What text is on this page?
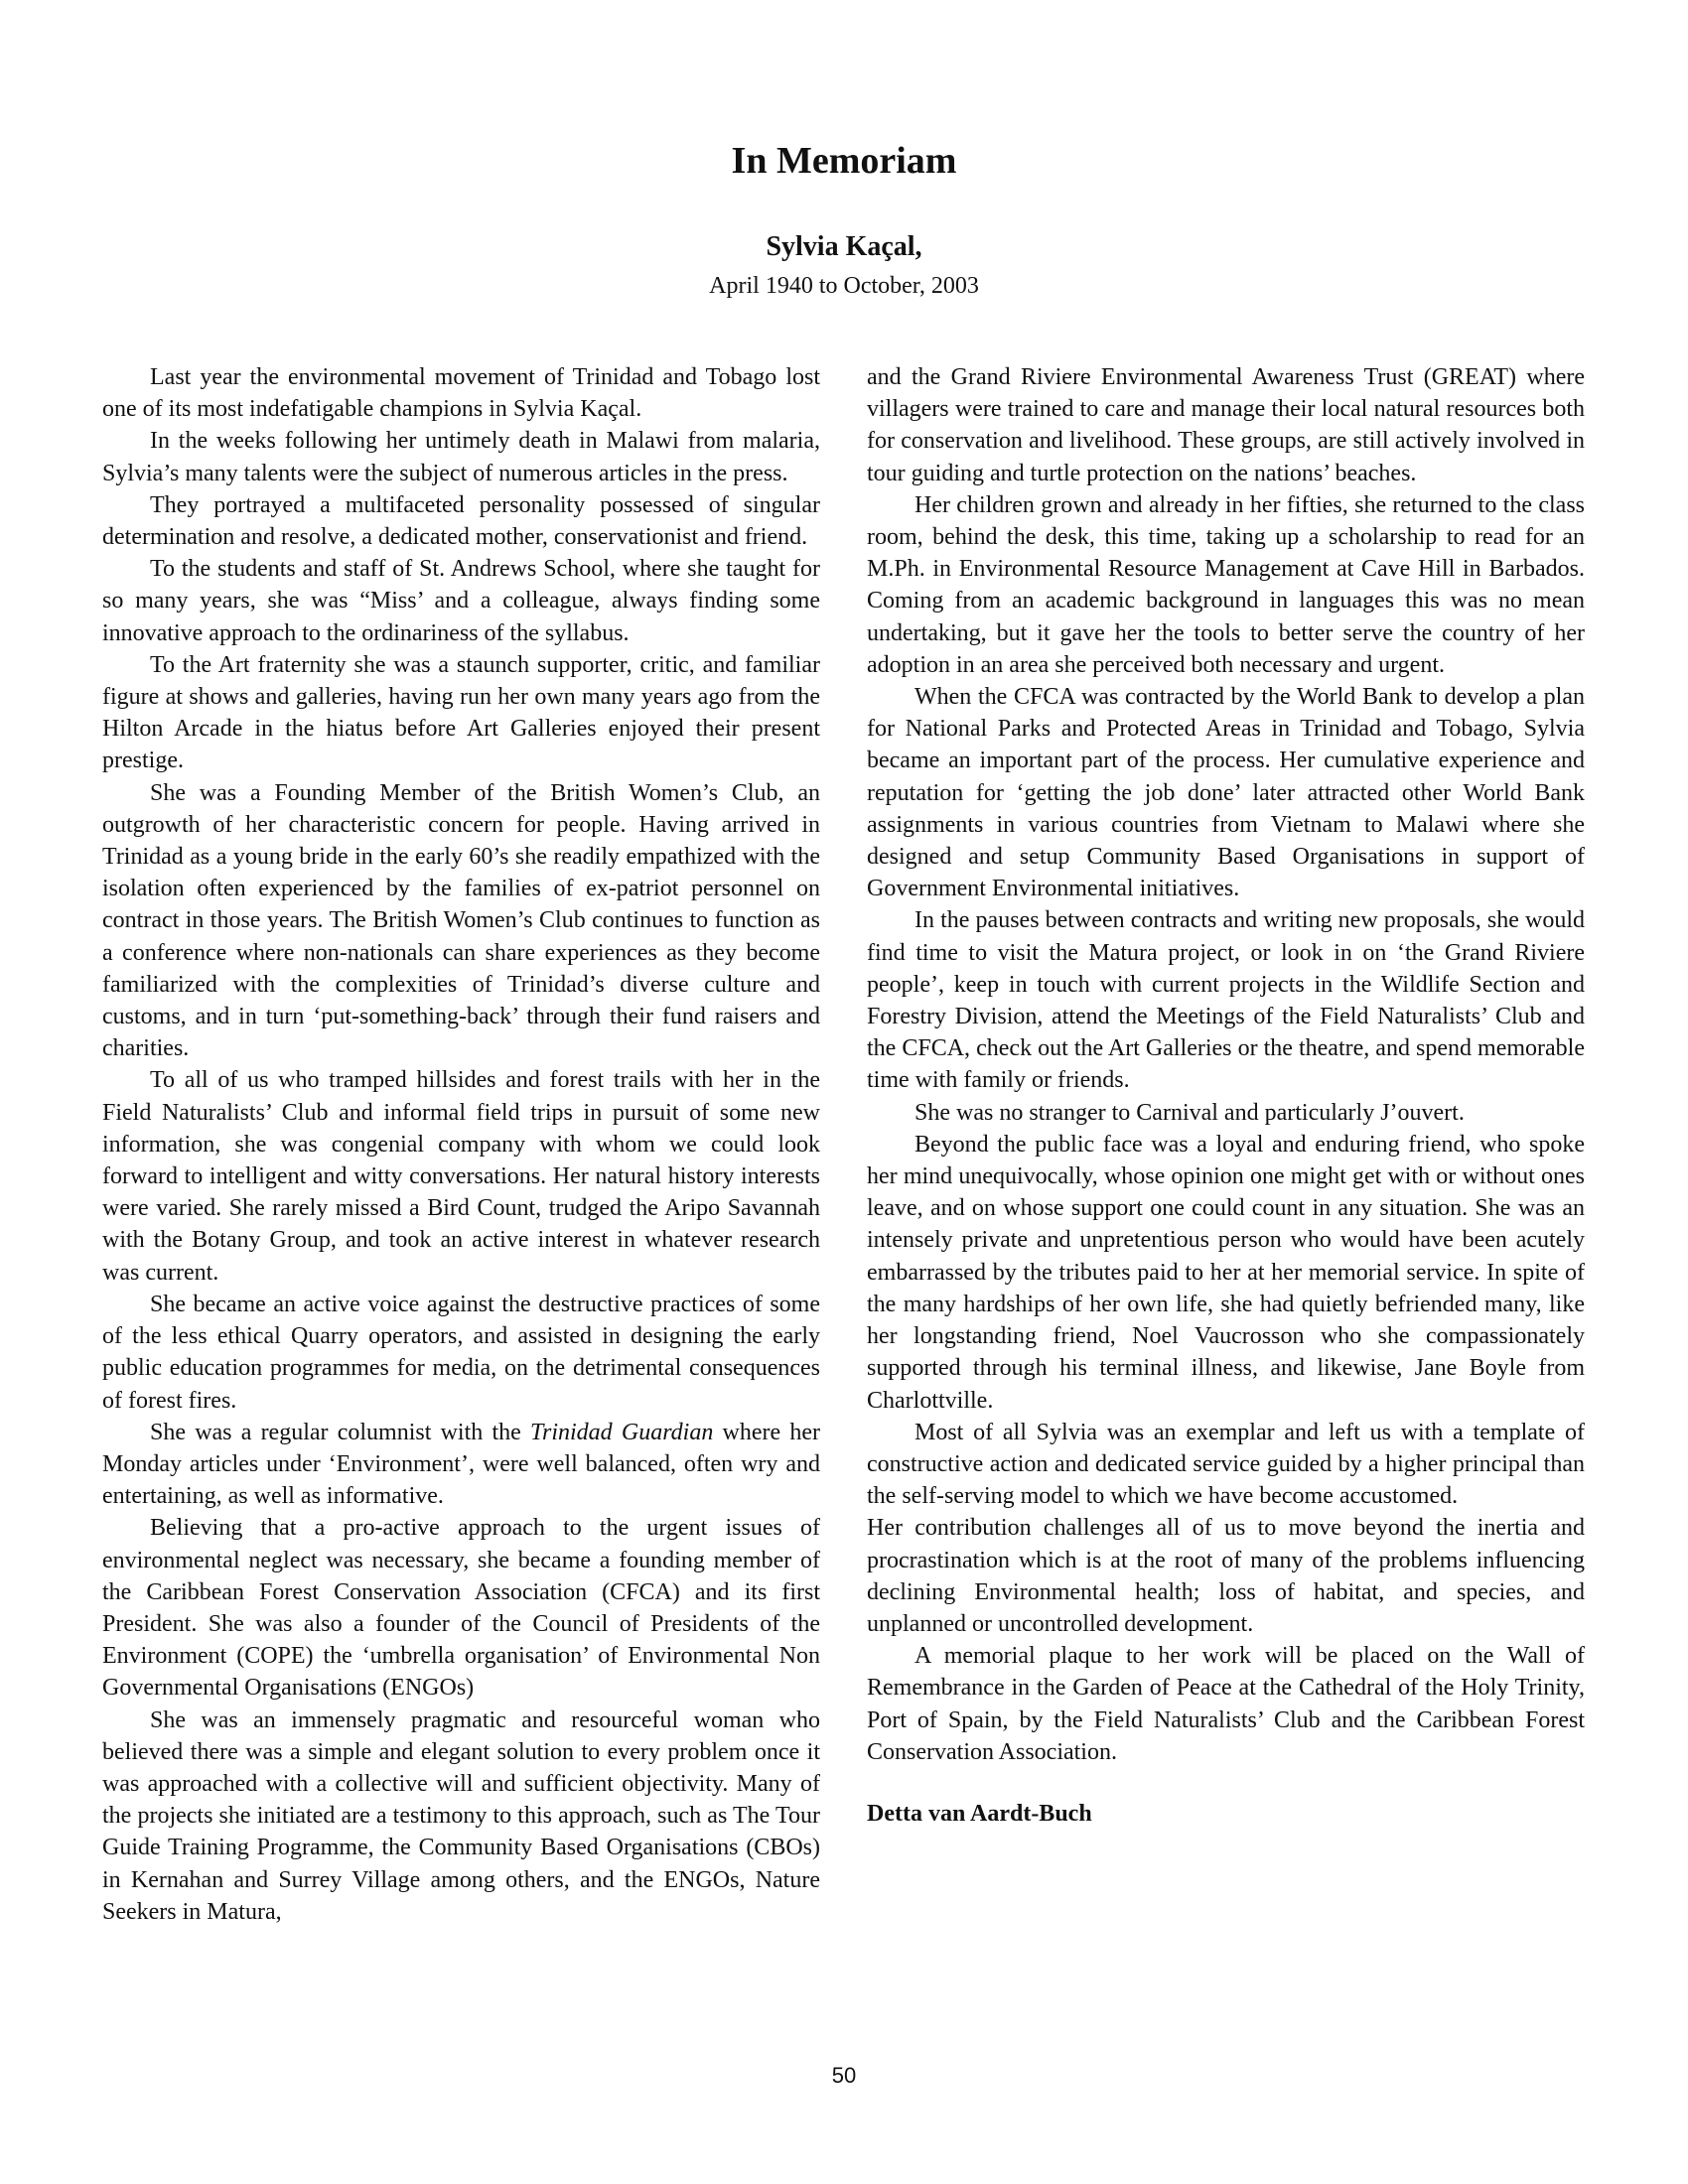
In Memoriam
Sylvia Kaçal,
April 1940 to October, 2003

Last year the environmental movement of Trinidad and Tobago lost one of its most indefatigable champions in Sylvia Kaçal.

In the weeks following her untimely death in Malawi from malaria, Sylvia’s many talents were the subject of numerous articles in the press.

They portrayed a multifaceted personality possessed of singular determination and resolve, a dedicated mother, conservationist and friend.

To the students and staff of St. Andrews School, where she taught for so many years, she was “Miss’ and a colleague, always finding some innovative approach to the ordinariness of the syllabus.

To the Art fraternity she was a staunch supporter, critic, and familiar figure at shows and galleries, having run her own many years ago from the Hilton Arcade in the hiatus before Art Galleries enjoyed their present prestige.

She was a Founding Member of the British Women’s Club, an outgrowth of her characteristic concern for people. Having arrived in Trinidad as a young bride in the early 60’s she readily empathized with the isolation often experienced by the families of ex-patriot personnel on contract in those years. The British Women’s Club continues to function as a conference where non-nationals can share experiences as they become familiarized with the complexities of Trinidad’s diverse culture and customs, and in turn ‘put-something-back’ through their fund raisers and charities.

To all of us who tramped hillsides and forest trails with her in the Field Naturalists’ Club and informal field trips in pursuit of some new information, she was congenial company with whom we could look forward to intelligent and witty conversations. Her natural history interests were varied. She rarely missed a Bird Count, trudged the Aripo Savannah with the Botany Group, and took an active interest in whatever research was current.

She became an active voice against the destructive practices of some of the less ethical Quarry operators, and assisted in designing the early public education programmes for media, on the detrimental consequences of forest fires.

She was a regular columnist with the Trinidad Guardian where her Monday articles under ‘Environment’, were well balanced, often wry and entertaining, as well as informative.

Believing that a pro-active approach to the urgent issues of environmental neglect was necessary, she became a founding member of the Caribbean Forest Conservation Association (CFCA) and its first President. She was also a founder of the Council of Presidents of the Environment (COPE) the ‘umbrella organisation’ of Environmental Non Governmental Organisations (ENGOs)

She was an immensely pragmatic and resourceful woman who believed there was a simple and elegant solution to every problem once it was approached with a collective will and sufficient objectivity. Many of the projects she initiated are a testimony to this approach, such as The Tour Guide Training Programme, the Community Based Organisations (CBOs) in Kernahan and Surrey Village among others, and the ENGOs, Nature Seekers in Matura,

and the Grand Riviere Environmental Awareness Trust (GREAT) where villagers were trained to care and manage their local natural resources both for conservation and livelihood. These groups, are still actively involved in tour guiding and turtle protection on the nations’ beaches.

Her children grown and already in her fifties, she returned to the class room, behind the desk, this time, taking up a scholarship to read for an M.Ph. in Environmental Resource Management at Cave Hill in Barbados. Coming from an academic background in languages this was no mean undertaking, but it gave her the tools to better serve the country of her adoption in an area she perceived both necessary and urgent.

When the CFCA was contracted by the World Bank to develop a plan for National Parks and Protected Areas in Trinidad and Tobago, Sylvia became an important part of the process. Her cumulative experience and reputation for ‘getting the job done’ later attracted other World Bank assignments in various countries from Vietnam to Malawi where she designed and setup Community Based Organisations in support of Government Environmental initiatives.

In the pauses between contracts and writing new proposals, she would find time to visit the Matura project, or look in on ‘the Grand Riviere people’, keep in touch with current projects in the Wildlife Section and Forestry Division, attend the Meetings of the Field Naturalists’ Club and the CFCA, check out the Art Galleries or the theatre, and spend memorable time with family or friends.

She was no stranger to Carnival and particularly J’ouvert.

Beyond the public face was a loyal and enduring friend, who spoke her mind unequivocally, whose opinion one might get with or without ones leave, and on whose support one could count in any situation. She was an intensely private and unpretentious person who would have been acutely embarrassed by the tributes paid to her at her memorial service. In spite of the many hardships of her own life, she had quietly befriended many, like her longstanding friend, Noel Vaucrosson who she compassionately supported through his terminal illness, and likewise, Jane Boyle from Charlottville.

Most of all Sylvia was an exemplar and left us with a template of constructive action and dedicated service guided by a higher principal than the self-serving model to which we have become accustomed.

Her contribution challenges all of us to move beyond the inertia and procrastination which is at the root of many of the problems influencing declining Environmental health; loss of habitat, and species, and unplanned or uncontrolled development.

A memorial plaque to her work will be placed on the Wall of Remembrance in the Garden of Peace at the Cathedral of the Holy Trinity, Port of Spain, by the Field Naturalists’ Club and the Caribbean Forest Conservation Association.

Detta van Aardt-Buch

50
